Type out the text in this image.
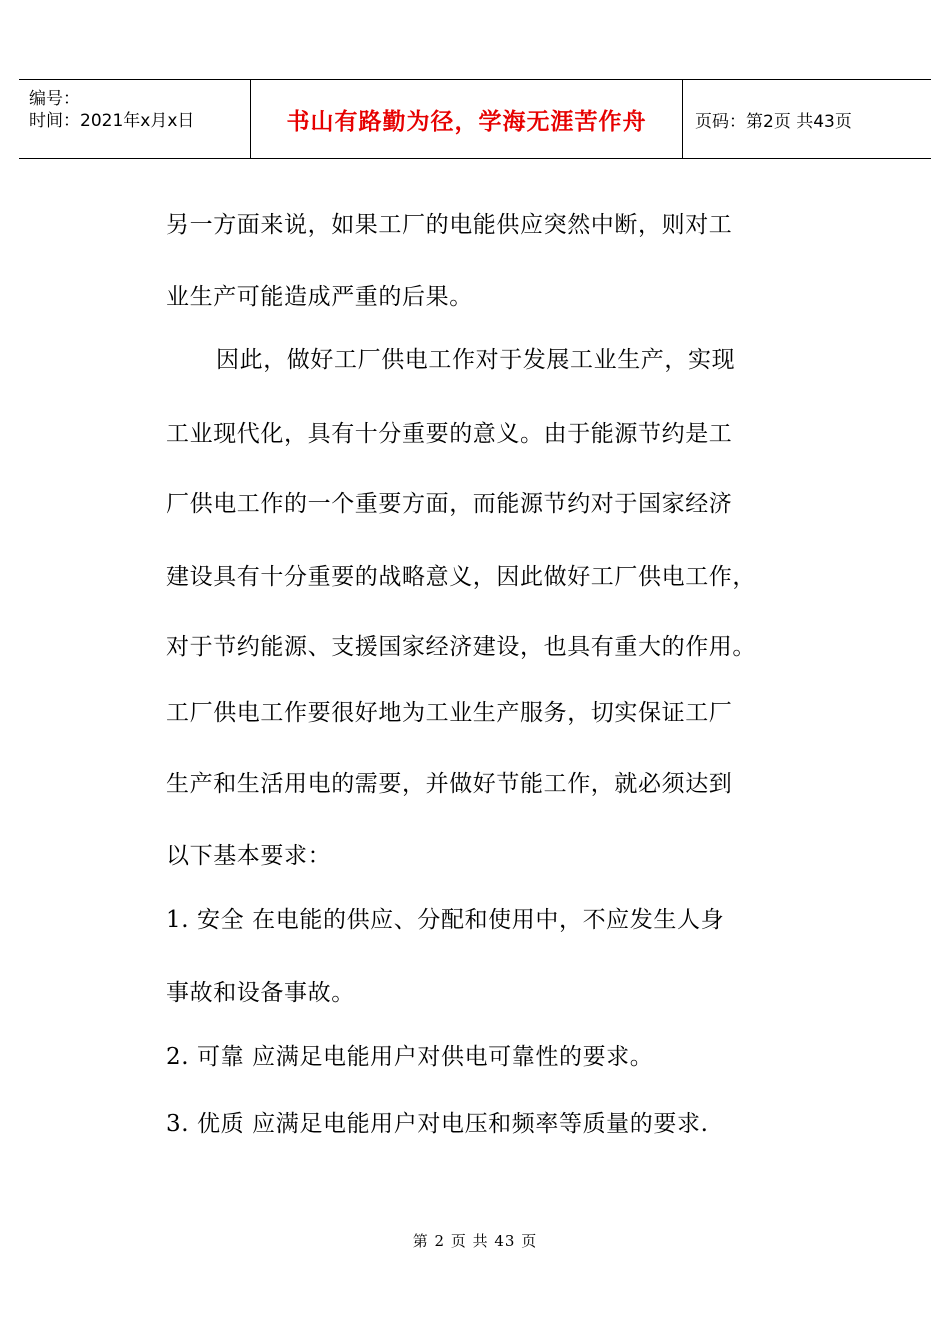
编号：
时间：2021年x月x日	书山有路勤为径，学海无涯苦作舟	页码：第2页 共43页
另一方面来说，如果工厂的电能供应突然中断，则对工
业生产可能造成严重的后果。
因此，做好工厂供电工作对于发展工业生产，实现
工业现代化，具有十分重要的意义。由于能源节约是工
厂供电工作的一个重要方面，而能源节约对于国家经济
建设具有十分重要的战略意义，因此做好工厂供电工作，
对于节约能源、支援国家经济建设，也具有重大的作用。
工厂供电工作要很好地为工业生产服务，切实保证工厂
生产和生活用电的需要，并做好节能工作，就必须达到
以下基本要求：
1. 安全 在电能的供应、分配和使用中，不应发生人身
事故和设备事故。
2. 可靠 应满足电能用户对供电可靠性的要求。
3. 优质 应满足电能用户对电压和频率等质量的要求.
第 2 页 共 43 页
